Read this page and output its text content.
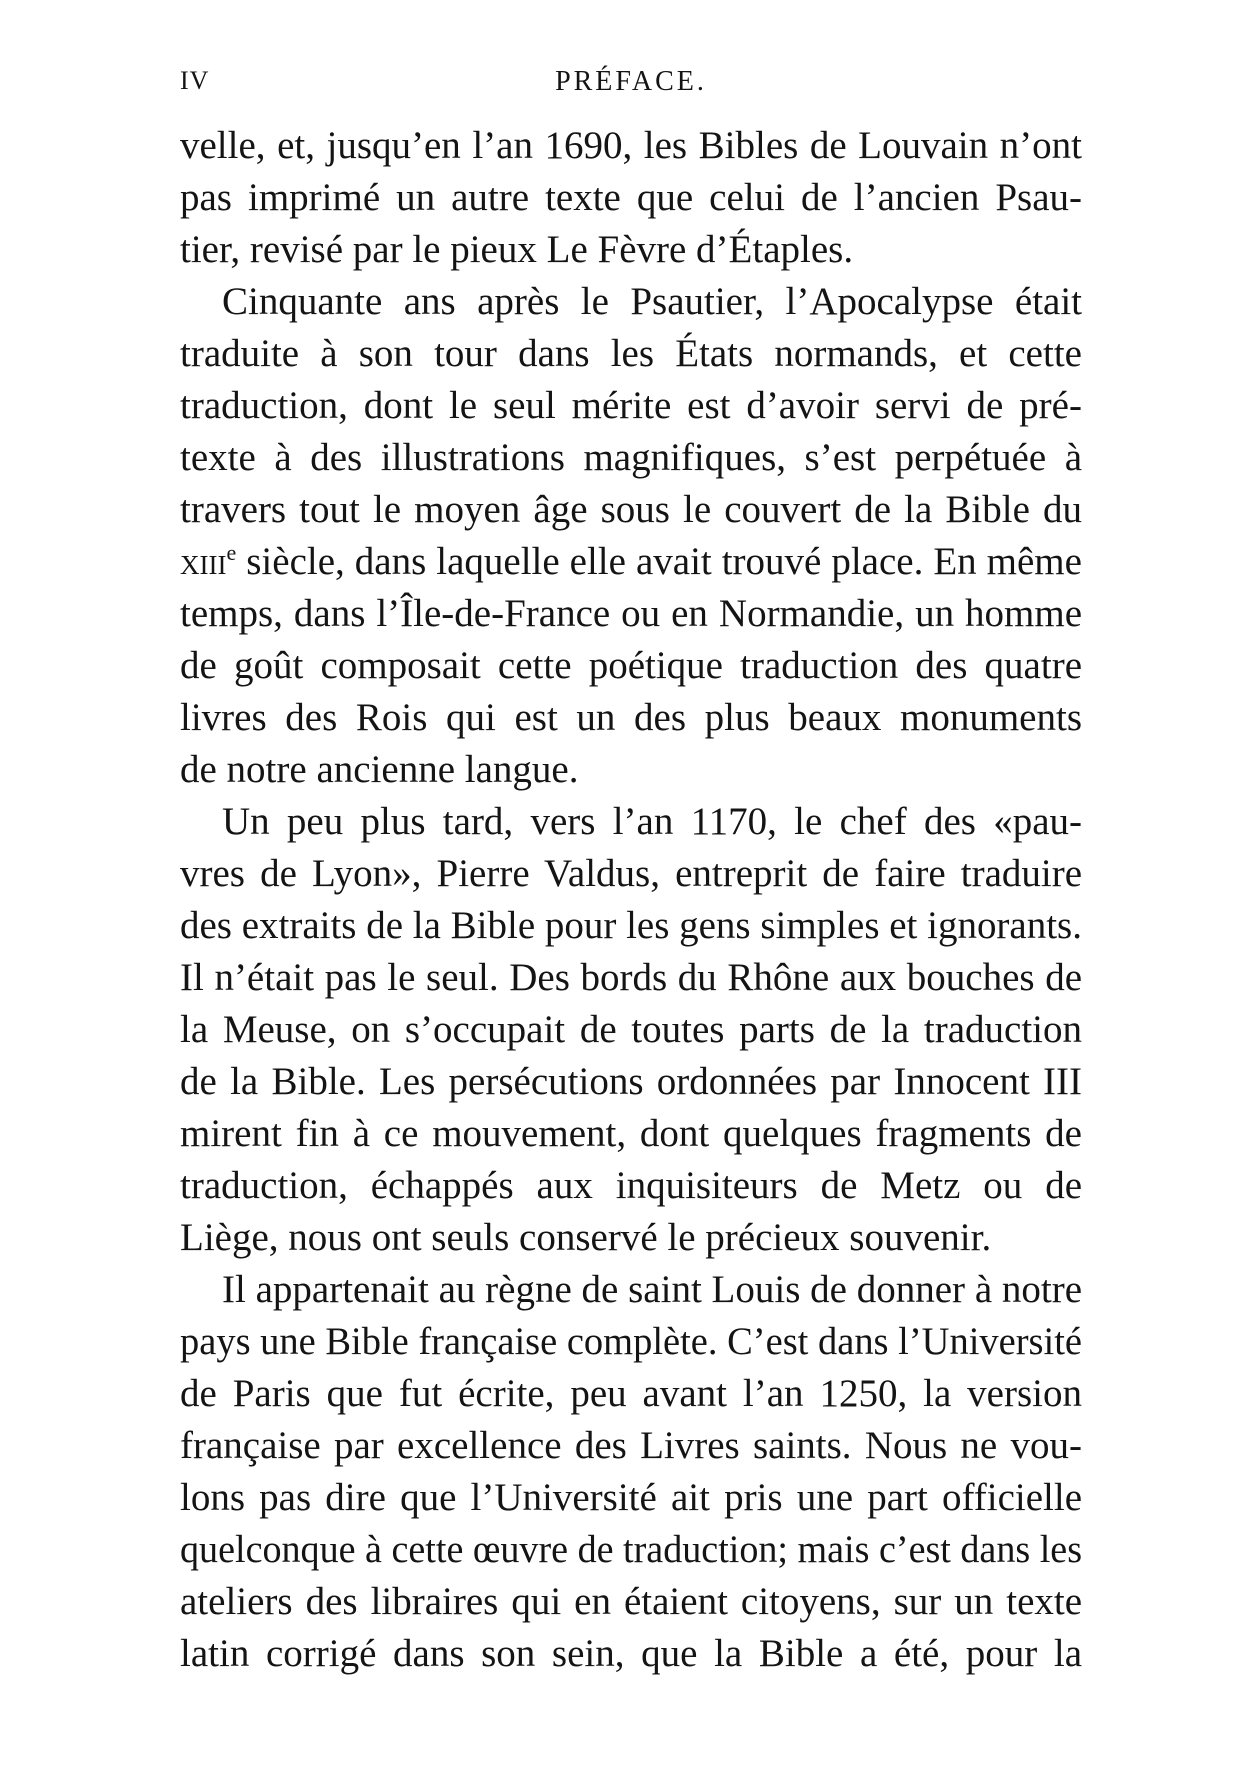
IV	PRÉFACE.
velle, et, jusqu’en l’an 1690, les Bibles de Louvain n’ont
pas imprimé un autre texte que celui de l’ancien Psau-
tier, revisé par le pieux Le Fèvre d’Étaples.
Cinquante ans après le Psautier, l’Apocalypse était
traduite à son tour dans les États normands, et cette
traduction, dont le seul mérite est d’avoir servi de pré-
texte à des illustrations magnifiques, s’est perpétuée à
travers tout le moyen âge sous le couvert de la Bible du
xiii$^e$ siècle, dans laquelle elle avait trouvé place. En même
temps, dans l’Île-de-France ou en Normandie, un homme
de goût composait cette poétique traduction des quatre
livres des Rois qui est un des plus beaux monuments
de notre ancienne langue.
Un peu plus tard, vers l’an 1170, le chef des «pau-
vres de Lyon», Pierre Valdus, entreprit de faire traduire
des extraits de la Bible pour les gens simples et ignorants.
Il n’était pas le seul. Des bords du Rhône aux bouches de
la Meuse, on s’occupait de toutes parts de la traduction
de la Bible. Les persécutions ordonnées par Innocent III
mirent fin à ce mouvement, dont quelques fragments de
traduction, échappés aux inquisiteurs de Metz ou de
Liège, nous ont seuls conservé le précieux souvenir.
Il appartenait au règne de saint Louis de donner à notre
pays une Bible française complète. C’est dans l’Université
de Paris que fut écrite, peu avant l’an 1250, la version
française par excellence des Livres saints. Nous ne vou-
lons pas dire que l’Université ait pris une part officielle
quelconque à cette œuvre de traduction; mais c’est dans les
ateliers des libraires qui en étaient citoyens, sur un texte
latin corrigé dans son sein, que la Bible a été, pour la
